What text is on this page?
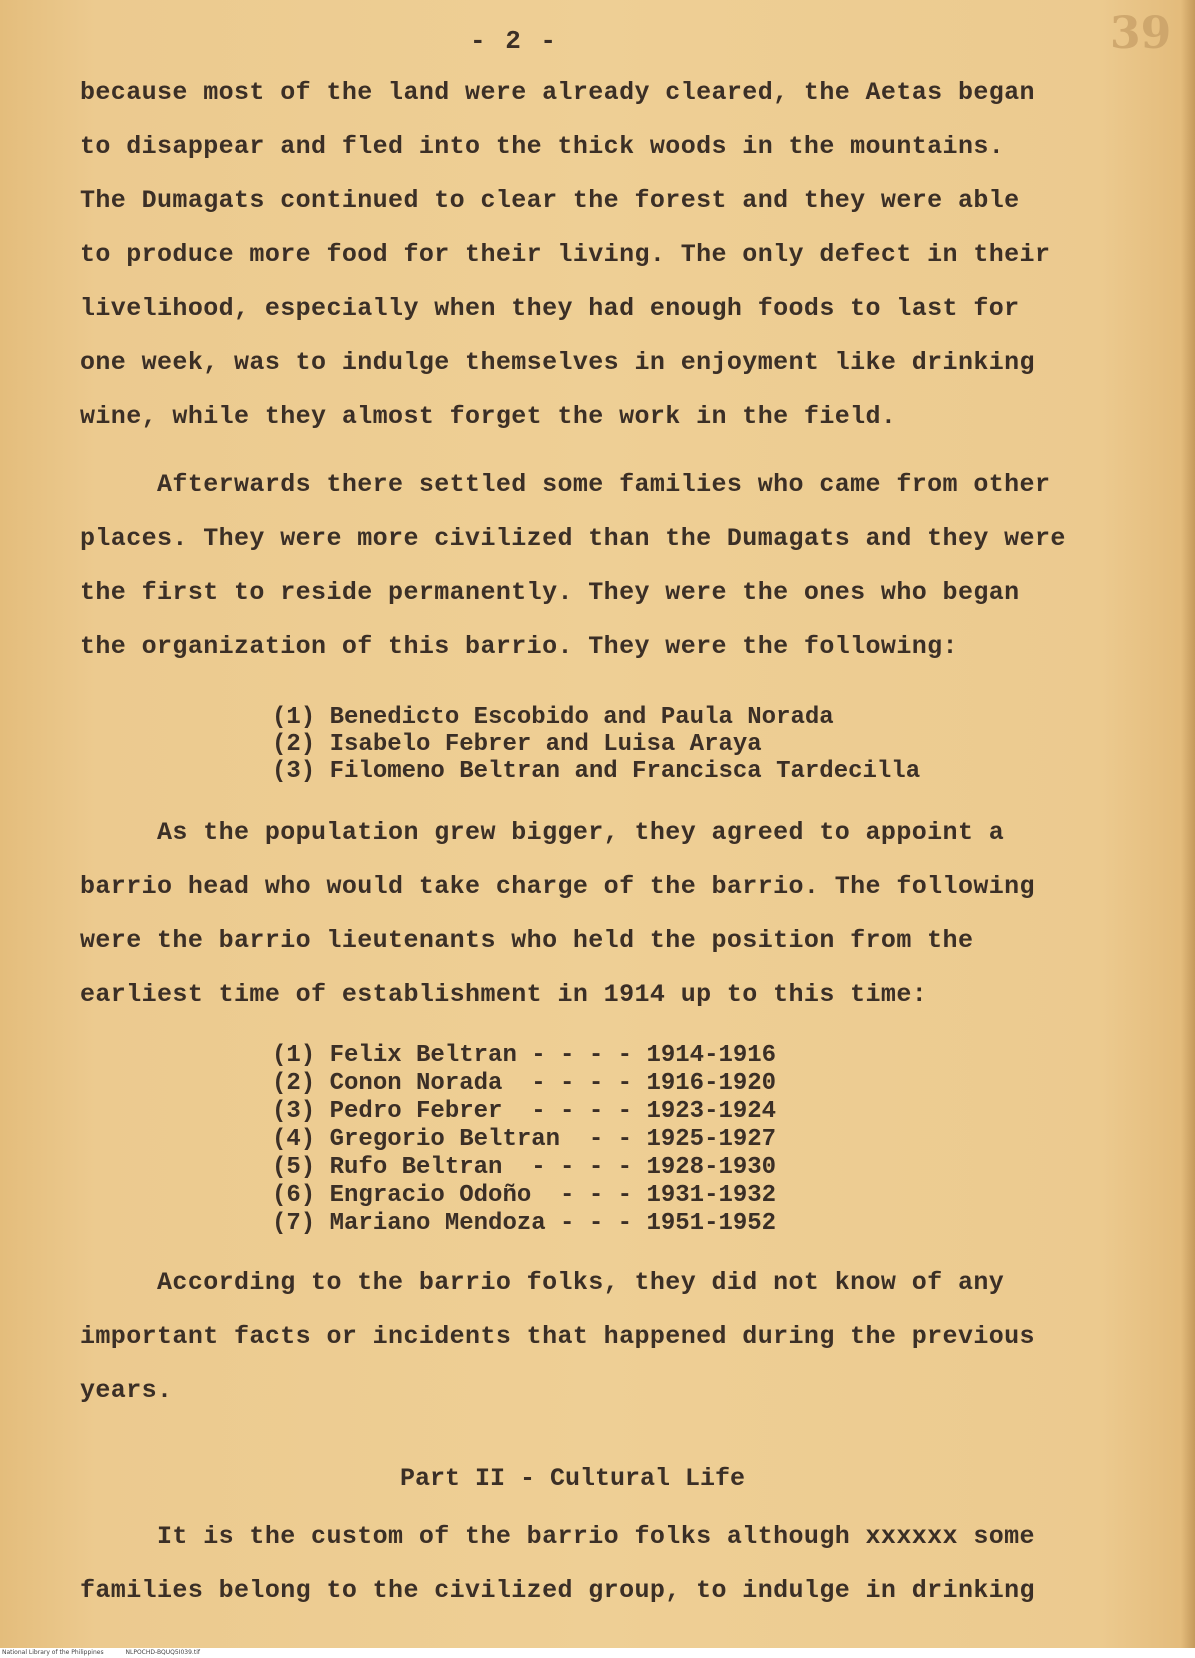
- 2 -	39
because most of the land were already cleared, the Aetas began
to disappear and fled into the thick woods in the mountains.
The Dumagats continued to clear the forest and they were able
to produce more food for their living. The only defect in their
livelihood, especially when they had enough foods to last for
one week, was to indulge themselves in enjoyment like drinking
wine, while they almost forget the work in the field.
Afterwards there settled some families who came from other
places. They were more civilized than the Dumagats and they were
the first to reside permanently. They were the ones who began
the organization of this barrio. They were the following:
(1) Benedicto Escobido and Paula Norada
(2) Isabelo Febrer and Luisa Araya
(3) Filomeno Beltran and Francisca Tardecilla
As the population grew bigger, they agreed to appoint a
barrio head who would take charge of the barrio. The following
were the barrio lieutenants who held the position from the
earliest time of establishment in 1914 up to this time:
(1) Felix Beltran - - - - 1914-1916
(2) Conon Norada  - - - - 1916-1920
(3) Pedro Febrer  - - - - 1923-1924
(4) Gregorio Beltran  - - 1925-1927
(5) Rufo Beltran  - - - - 1928-1930
(6) Engracio Odoño  - - - 1931-1932
(7) Mariano Mendoza - - - 1951-1952
According to the barrio folks, they did not know of any
important facts or incidents that happened during the previous
years.
Part II - Cultural Life
It is the custom of the barrio folks although xxxxxx some
families belong to the civilized group, to indulge in drinking
National Library of the Philippines	NLPOCHD-BQUQ5I039.tif
